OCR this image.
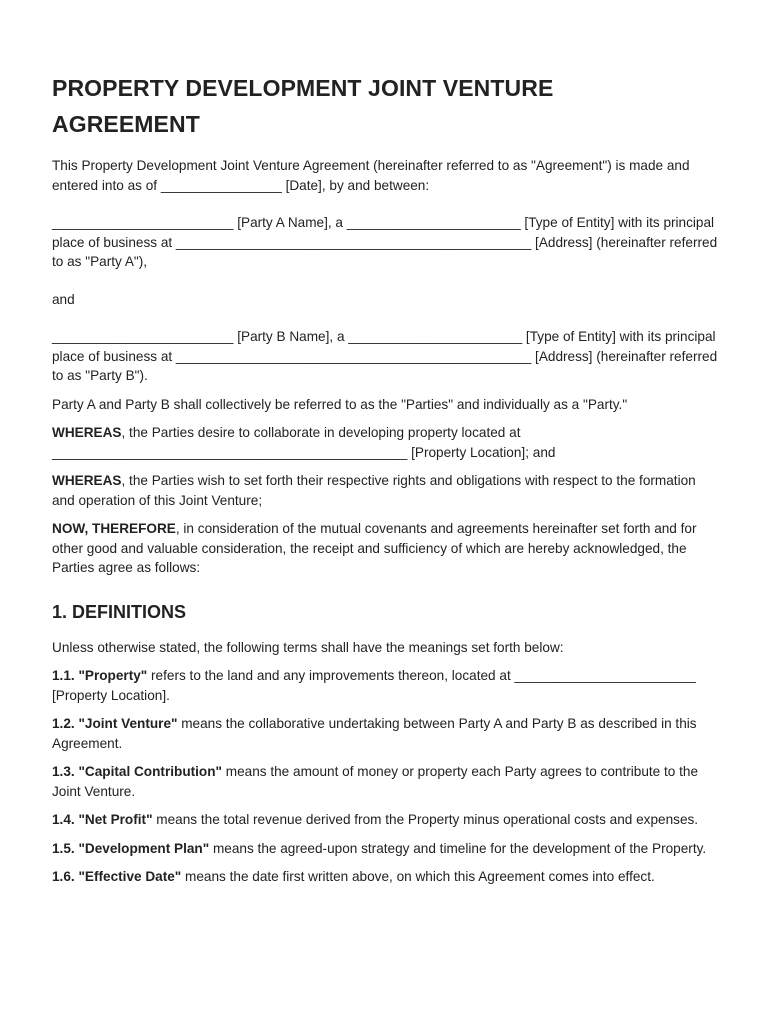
PROPERTY DEVELOPMENT JOINT VENTURE
AGREEMENT

This Property Development Joint Venture Agreement (hereinafter referred to as "Agreement") is made and entered into as of ________________ [Date], by and between:

________________________ [Party A Name], a _______________________ [Type of Entity] with its principal place of business at _______________________________________________ [Address] (hereinafter referred to as "Party A"),

and

________________________ [Party B Name], a _______________________ [Type of Entity] with its principal place of business at _______________________________________________ [Address] (hereinafter referred to as "Party B").

Party A and Party B shall collectively be referred to as the "Parties" and individually as a "Party."

WHEREAS, the Parties desire to collaborate in developing property located at _______________________________________________ [Property Location]; and

WHEREAS, the Parties wish to set forth their respective rights and obligations with respect to the formation and operation of this Joint Venture;

NOW, THEREFORE, in consideration of the mutual covenants and agreements hereinafter set forth and for other good and valuable consideration, the receipt and sufficiency of which are hereby acknowledged, the Parties agree as follows:

1. DEFINITIONS

Unless otherwise stated, the following terms shall have the meanings set forth below:

1.1. "Property" refers to the land and any improvements thereon, located at ________________________ [Property Location].

1.2. "Joint Venture" means the collaborative undertaking between Party A and Party B as described in this Agreement.

1.3. "Capital Contribution" means the amount of money or property each Party agrees to contribute to the Joint Venture.

1.4. "Net Profit" means the total revenue derived from the Property minus operational costs and expenses.

1.5. "Development Plan" means the agreed-upon strategy and timeline for the development of the Property.

1.6. "Effective Date" means the date first written above, on which this Agreement comes into effect.
